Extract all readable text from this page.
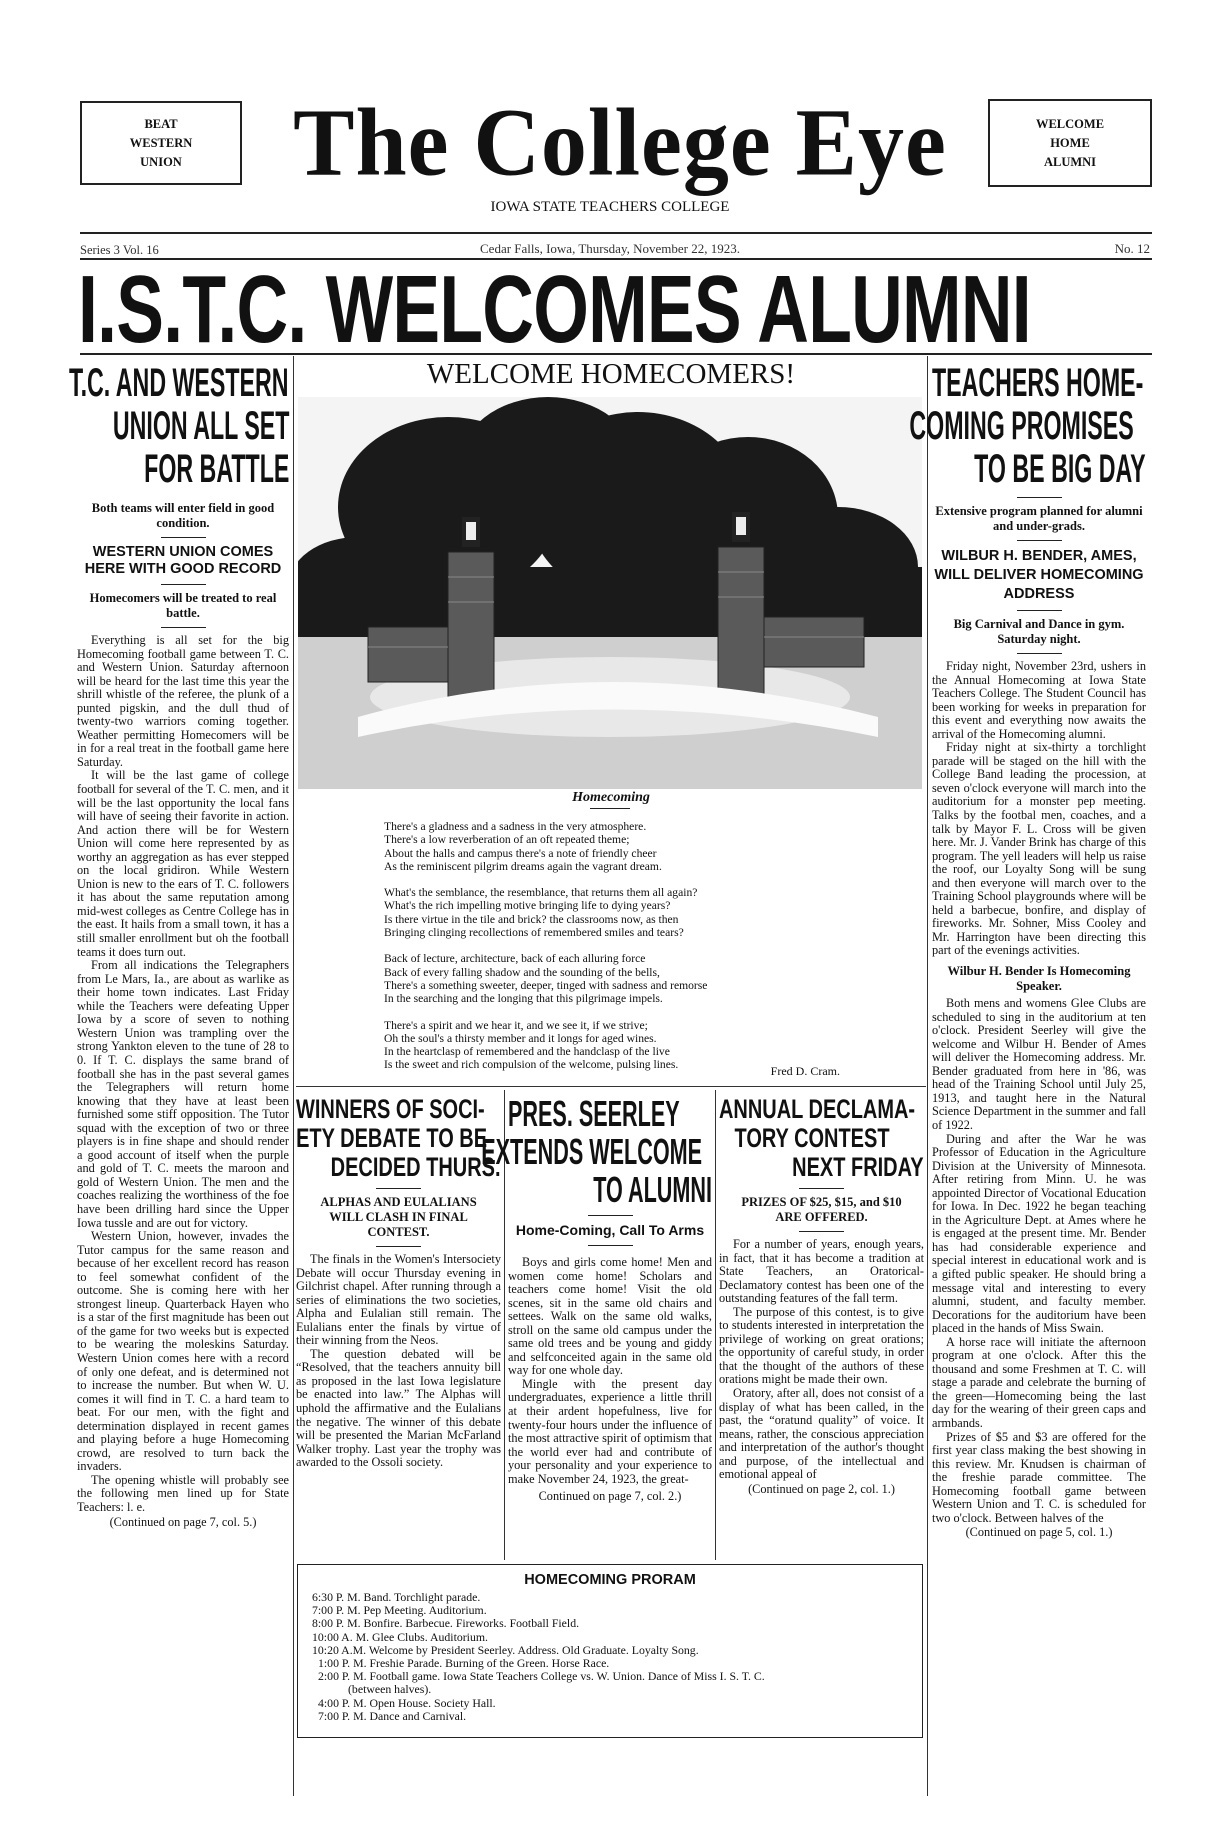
BEAT
WESTERN
UNION
WELCOME
HOME
ALUMNI
The College Eye
IOWA STATE TEACHERS COLLEGE
Series 3 Vol. 16	Cedar Falls, Iowa, Thursday, November 22, 1923.	No. 12
I.S.T.C. WELCOMES ALUMNI
T.C. AND WESTERN
UNION ALL SET
FOR BATTLE
Both teams will enter field in good condition.
WESTERN UNION COMES HERE WITH GOOD RECORD
Homecomers will be treated to real battle.

Everything is all set for the big Homecoming football game between T. C. and Western Union. Saturday afternoon will be heard for the last time this year the shrill whistle of the referee, the plunk of a punted pigskin, and the dull thud of twenty-two warriors coming together. Weather permitting Homecomers will be in for a real treat in the football game here Saturday.

It will be the last game of college football for several of the T. C. men, and it will be the last opportunity the local fans will have of seeing their favorite in action. And action there will be for Western Union will come here represented by as worthy an aggregation as has ever stepped on the local gridiron. While Western Union is new to the ears of T. C. followers it has about the same reputation among mid-west colleges as Centre College has in the east. It hails from a small town, it has a still smaller enrollment but oh the football teams it does turn out.

From all indications the Telegraphers from Le Mars, Ia., are about as warlike as their home town indicates. Last Friday while the Teachers were defeating Upper Iowa by a score of seven to nothing Western Union was trampling over the strong Yankton eleven to the tune of 28 to 0. If T. C. displays the same brand of football she has in the past several games the Telegraphers will return home knowing that they have at least been furnished some stiff opposition. The Tutor squad with the exception of two or three players is in fine shape and should render a good account of itself when the purple and gold of T. C. meets the maroon and gold of Western Union. The men and the coaches realizing the worthiness of the foe have been drilling hard since the Upper Iowa tussle and are out for victory.

Western Union, however, invades the Tutor campus for the same reason and because of her excellent record has reason to feel somewhat confident of the outcome. She is coming here with her strongest lineup. Quarterback Hayen who is a star of the first magnitude has been out of the game for two weeks but is expected to be wearing the moleskins Saturday. Western Union comes here with a record of only one defeat, and is determined not to increase the number. But when W. U. comes it will find in T. C. a hard team to beat. For our men, with the fight and determination displayed in recent games and playing before a huge Homecoming crowd, are resolved to turn back the invaders.

The opening whistle will probably see the following men lined up for State Teachers: l. e.

(Continued on page 7, col. 5.)
WELCOME HOMECOMERS!
Homecoming
There's a gladness and a sadness in the very atmosphere.
There's a low reverberation of an oft repeated theme;
About the halls and campus there's a note of friendly cheer
As the reminiscent pilgrim dreams again the vagrant dream.
What's the semblance, the resemblance, that returns them all again?
What's the rich impelling motive bringing life to dying years?
Is there virtue in the tile and brick? the classrooms now, as then
Bringing clinging recollections of remembered smiles and tears?
Back of lecture, architecture, back of each alluring force
Back of every falling shadow and the sounding of the bells,
There's a something sweeter, deeper, tinged with sadness and remorse
In the searching and the longing that this pilgrimage impels.
There's a spirit and we hear it, and we see it, if we strive;
Oh the soul's a thirsty member and it longs for aged wines.
In the heartclasp of remembered and the handclasp of the live
Is the sweet and rich compulsion of the welcome, pulsing lines.	Fred D. Cram.
WINNERS OF SOCI-
ETY DEBATE TO BE
DECIDED THURS.
ALPHAS AND EULALIANS WILL CLASH IN FINAL CONTEST.

The finals in the Women's Intersociety Debate will occur Thursday evening in Gilchrist chapel. After running through a series of eliminations the two societies, Alpha and Eulalian still remain. The Eulalians enter the finals by virtue of their winning from the Neos.

The question debated will be “Resolved, that the teachers annuity bill as proposed in the last Iowa legislature be enacted into law.” The Alphas will uphold the affirmative and the Eulalians the negative. The winner of this debate will be presented the Marian McFarland Walker trophy. Last year the trophy was awarded to the Ossoli society.

PRES. SEERLEY
EXTENDS WELCOME
TO ALUMNI
Home-Coming, Call To Arms

Boys and girls come home! Men and women come home! Scholars and teachers come home! Visit the old scenes, sit in the same old chairs and settees. Walk on the same old walks, stroll on the same old campus under the same old trees and be young and giddy and selfconceited again in the same old way for one whole day.

Mingle with the present day undergraduates, experience a little thrill at their ardent hopefulness, live for twenty-four hours under the influence of the most attractive spirit of optimism that the world ever had and contribute of your personality and your experience to make November 24, 1923, the great-

Continued on page 7, col. 2.)
ANNUAL DECLAMA-
TORY CONTEST
NEXT FRIDAY
PRIZES OF $25, $15, and $10 ARE OFFERED.

For a number of years, enough years, in fact, that it has become a tradition at State Teachers, an Oratorical-Declamatory contest has been one of the outstanding features of the fall term.

The purpose of this contest, is to give to students interested in interpretation the privilege of working on great orations; the opportunity of careful study, in order that the thought of the authors of these orations might be made their own.

Oratory, after all, does not consist of a display of what has been called, in the past, the “oratund quality” of voice. It means, rather, the conscious appreciation and interpretation of the author's thought and purpose, of the intellectual and emotional appeal of

(Continued on page 2, col. 1.)
HOMECOMING PRORAM
6:30 P. M. Band. Torchlight parade.
7:00 P. M. Pep Meeting. Auditorium.
8:00 P. M. Bonfire. Barbecue. Fireworks. Football Field.
10:00 A. M. Glee Clubs. Auditorium.
10:20 A.M. Welcome by President Seerley. Address. Old Graduate. Loyalty Song.
1:00 P. M. Freshie Parade. Burning of the Green. Horse Race.
2:00 P. M. Football game. Iowa State Teachers College vs. W. Union. Dance of Miss I. S. T. C.
(between halves).
4:00 P. M. Open House. Society Hall.
7:00 P. M. Dance and Carnival.
TEACHERS HOME-
COMING PROMISES
TO BE BIG DAY
Extensive program planned for alumni and under-grads.
WILBUR H. BENDER, AMES, WILL DELIVER HOMECOMING ADDRESS
Big Carnival and Dance in gym. Saturday night.

Friday night, November 23rd, ushers in the Annual Homecoming at Iowa State Teachers College. The Student Council has been working for weeks in preparation for this event and everything now awaits the arrival of the Homecoming alumni.

Friday night at six-thirty a torchlight parade will be staged on the hill with the College Band leading the procession, at seven o'clock everyone will march into the auditorium for a monster pep meeting. Talks by the footbal men, coaches, and a talk by Mayor F. L. Cross will be given here. Mr. J. Vander Brink has charge of this program. The yell leaders will help us raise the roof, our Loyalty Song will be sung and then everyone will march over to the Training School playgrounds where will be held a barbecue, bonfire, and display of fireworks. Mr. Sohner, Miss Cooley and Mr. Harrington have been directing this part of the evenings activities.

Wilbur H. Bender Is Homecoming Speaker.

Both mens and womens Glee Clubs are scheduled to sing in the auditorium at ten o'clock. President Seerley will give the welcome and Wilbur H. Bender of Ames will deliver the Homecoming address. Mr. Bender graduated from here in '86, was head of the Training School until July 25, 1913, and taught here in the Natural Science Department in the summer and fall of 1922.

During and after the War he was Professor of Education in the Agriculture Division at the University of Minnesota. After retiring from Minn. U. he was appointed Director of Vocational Education for Iowa. In Dec. 1922 he began teaching in the Agriculture Dept. at Ames where he is engaged at the present time. Mr. Bender has had considerable experience and special interest in educational work and is a gifted public speaker. He should bring a message vital and interesting to every alumni, student, and faculty member. Decorations for the auditorium have been placed in the hands of Miss Swain.

A horse race will initiate the afternoon program at one o'clock. After this the thousand and some Freshmen at T. C. will stage a parade and celebrate the burning of the green—Homecoming being the last day for the wearing of their green caps and armbands.

Prizes of $5 and $3 are offered for the first year class making the best showing in this review. Mr. Knudsen is chairman of the freshie parade committee. The Homecoming football game between Western Union and T. C. is scheduled for two o'clock. Between halves of the

(Continued on page 5, col. 1.)
